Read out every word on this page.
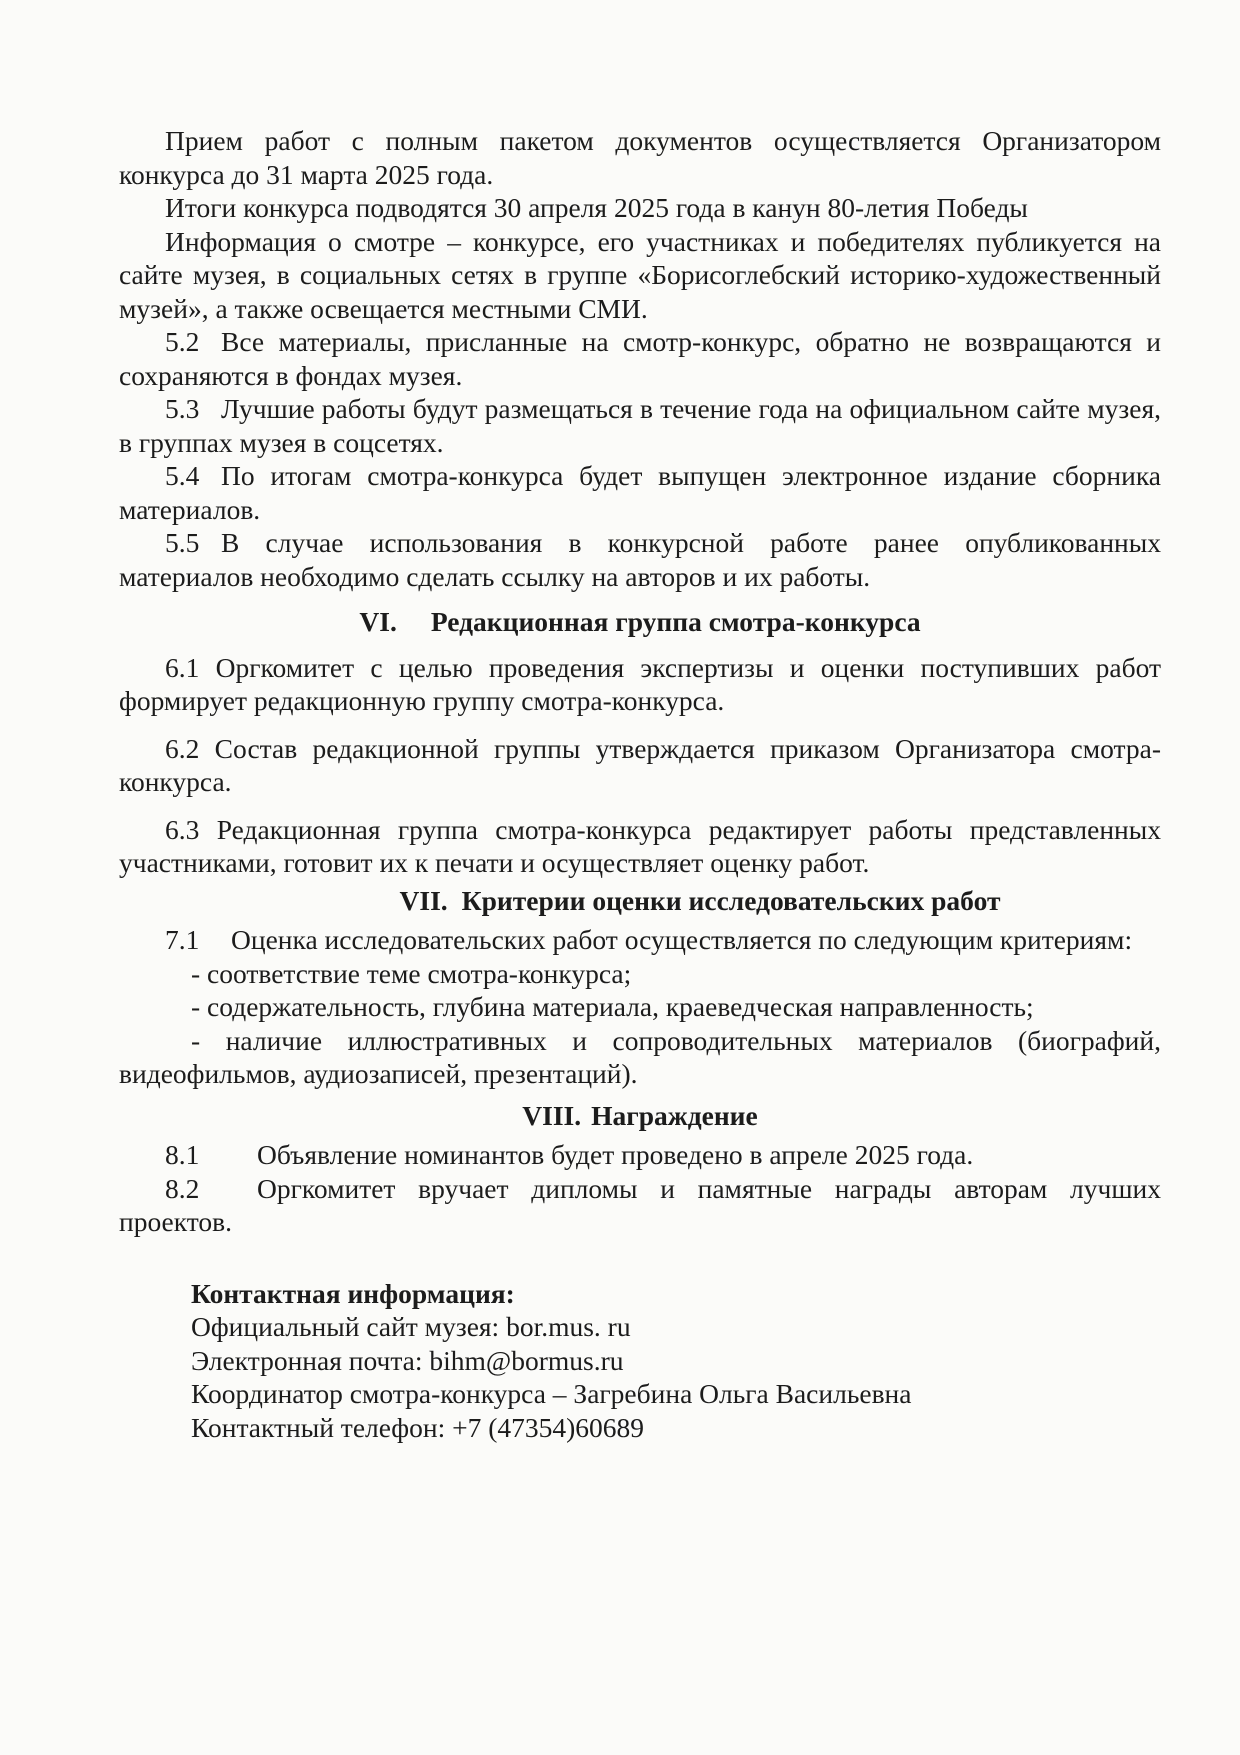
Прием работ с полным пакетом документов осуществляется Организатором конкурса до 31 марта 2025 года.

Итоги конкурса подводятся 30 апреля 2025 года в канун 80-летия Победы

Информация о смотре – конкурсе, его участниках и победителях публикуется на сайте музея, в социальных сетях в группе «Борисоглебский историко-художественный музей», а также освещается местными СМИ.

5.2 Все материалы, присланные на смотр-конкурс, обратно не возвращаются и сохраняются в фондах музея.

5.3 Лучшие работы будут размещаться в течение года на официальном сайте музея, в группах музея в соцсетях.

5.4 По итогам смотра-конкурса будет выпущен электронное издание сборника материалов.

5.5 В случае использования в конкурсной работе ранее опубликованных материалов необходимо сделать ссылку на авторов и их работы.

VI. Редакционная группа смотра-конкурса

6.1 Оргкомитет с целью проведения экспертизы и оценки поступивших работ формирует редакционную группу смотра-конкурса.

6.2 Состав редакционной группы утверждается приказом Организатора смотра-конкурса.

6.3 Редакционная группа смотра-конкурса редактирует работы представленных участниками, готовит их к печати и осуществляет оценку работ.

VII. Критерии оценки исследовательских работ

7.1 Оценка исследовательских работ осуществляется по следующим критериям:

- соответствие теме смотра-конкурса;
- содержательность, глубина материала, краеведческая направленность;
- наличие иллюстративных и сопроводительных материалов (биографий, видеофильмов, аудиозаписей, презентаций).

VIII. Награждение

8.1 Объявление номинантов будет проведено в апреле 2025 года.

8.2 Оргкомитет вручает дипломы и памятные награды авторам лучших проектов.

Контактная информация:

Официальный сайт музея: bor.mus. ru

Электронная почта: bihm@bormus.ru

Координатор смотра-конкурса – Загребина Ольга Васильевна

Контактный телефон: +7 (47354)60689
